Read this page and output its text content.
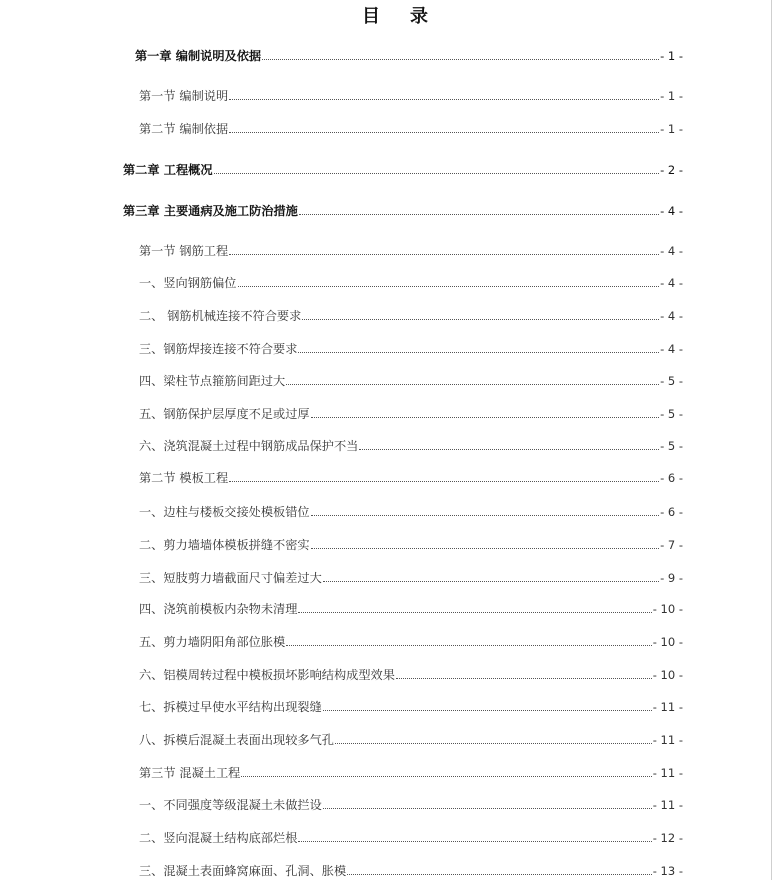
目录
第一章 编制说明及依据	- 1 -
第一节 编制说明	- 1 -
第二节 编制依据	- 1 -
第二章 工程概况	- 2 -
第三章 主要通病及施工防治措施	- 4 -
第一节 钢筋工程	- 4 -
一、竖向钢筋偏位	- 4 -
二、 钢筋机械连接不符合要求	- 4 -
三、钢筋焊接连接不符合要求	- 4 -
四、梁柱节点箍筋间距过大	- 5 -
五、钢筋保护层厚度不足或过厚	- 5 -
六、浇筑混凝土过程中钢筋成品保护不当	- 5 -
第二节 模板工程	- 6 -
一、边柱与楼板交接处模板错位	- 6 -
二、剪力墙墙体模板拼缝不密实	- 7 -
三、短肢剪力墙截面尺寸偏差过大	- 9 -
四、浇筑前模板内杂物未清理	- 10 -
五、剪力墙阴阳角部位胀模	- 10 -
六、铝模周转过程中模板损坏影响结构成型效果	- 10 -
七、拆模过早使水平结构出现裂缝	- 11 -
八、拆模后混凝土表面出现较多气孔	- 11 -
第三节 混凝土工程	- 11 -
一、不同强度等级混凝土未做拦设	- 11 -
二、竖向混凝土结构底部烂根	- 12 -
三、混凝土表面蜂窝麻面、孔洞、胀模	- 13 -
